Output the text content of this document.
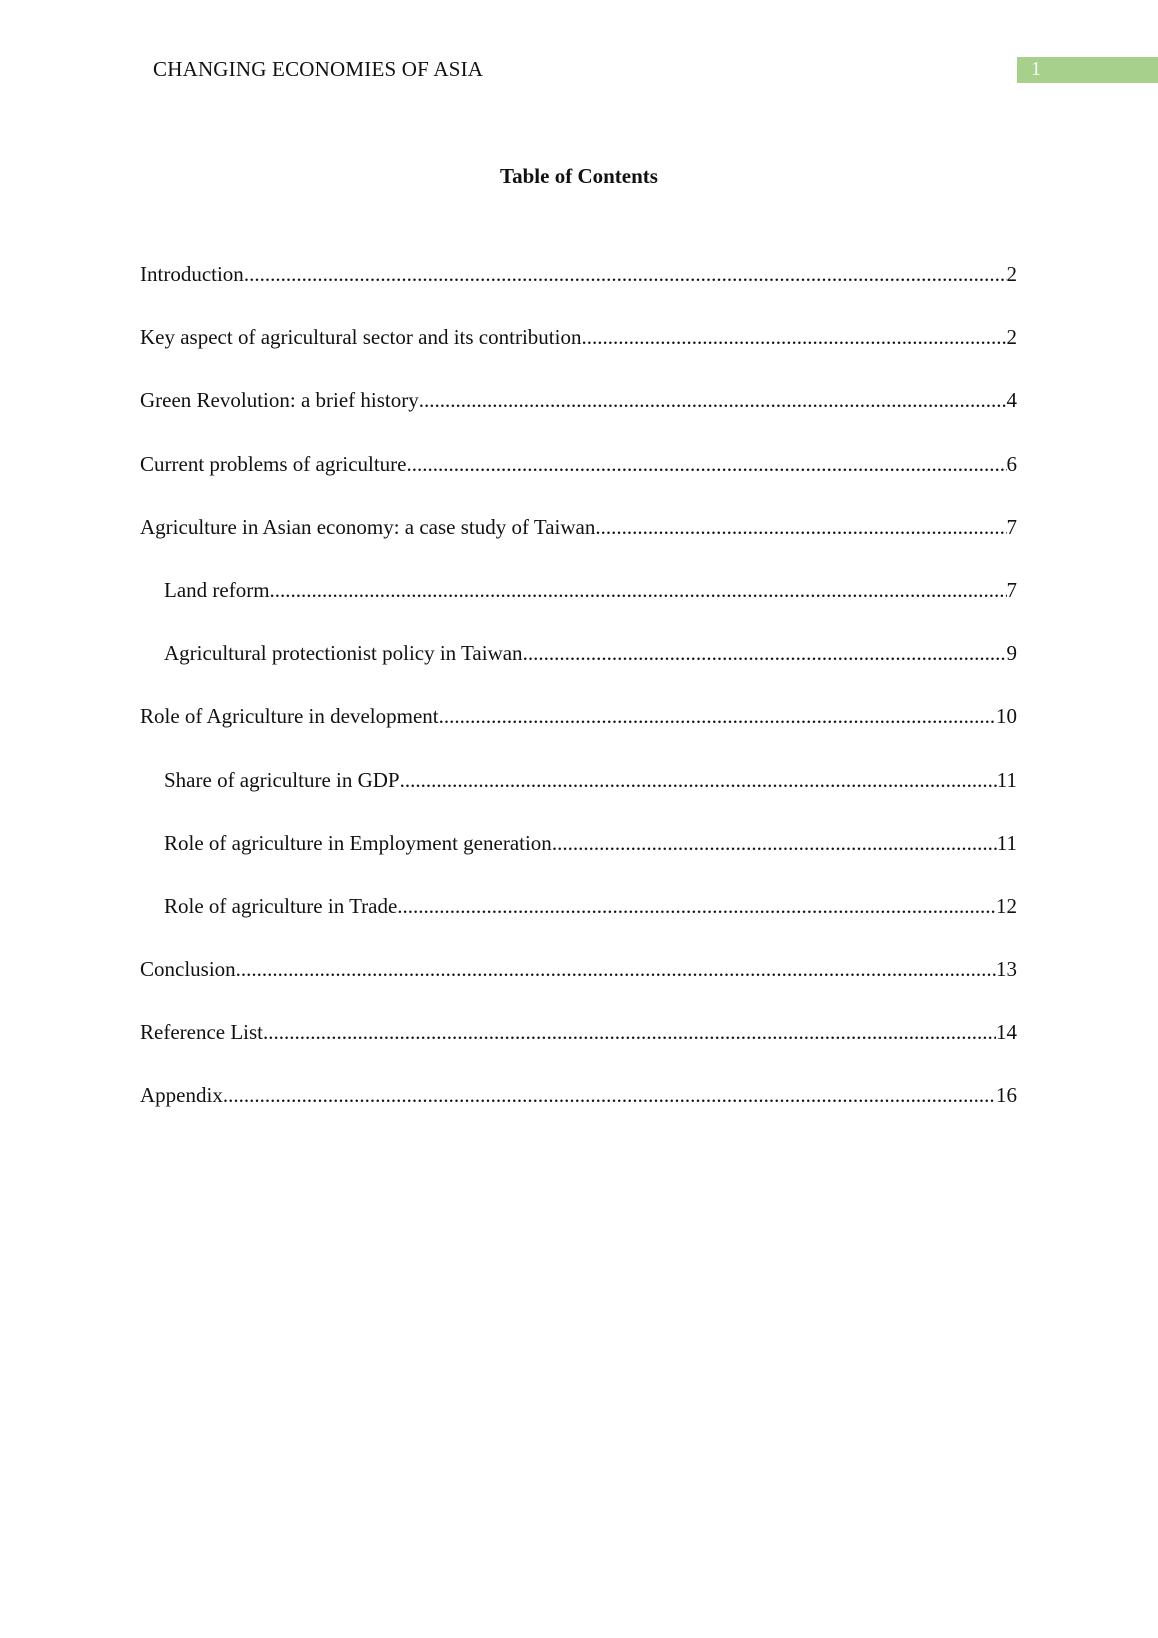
CHANGING ECONOMIES OF ASIA	1
Table of Contents
Introduction .....	2
Key aspect of agricultural sector and its contribution .....	2
Green Revolution: a brief history .....	4
Current problems of agriculture .....	6
Agriculture in Asian economy: a case study of Taiwan .....	7
Land reform .....	7
Agricultural protectionist policy in Taiwan .....	9
Role of Agriculture in development .....	10
Share of agriculture in GDP .....	11
Role of agriculture in Employment generation .....	11
Role of agriculture in Trade .....	12
Conclusion .....	13
Reference List .....	14
Appendix .....	16
